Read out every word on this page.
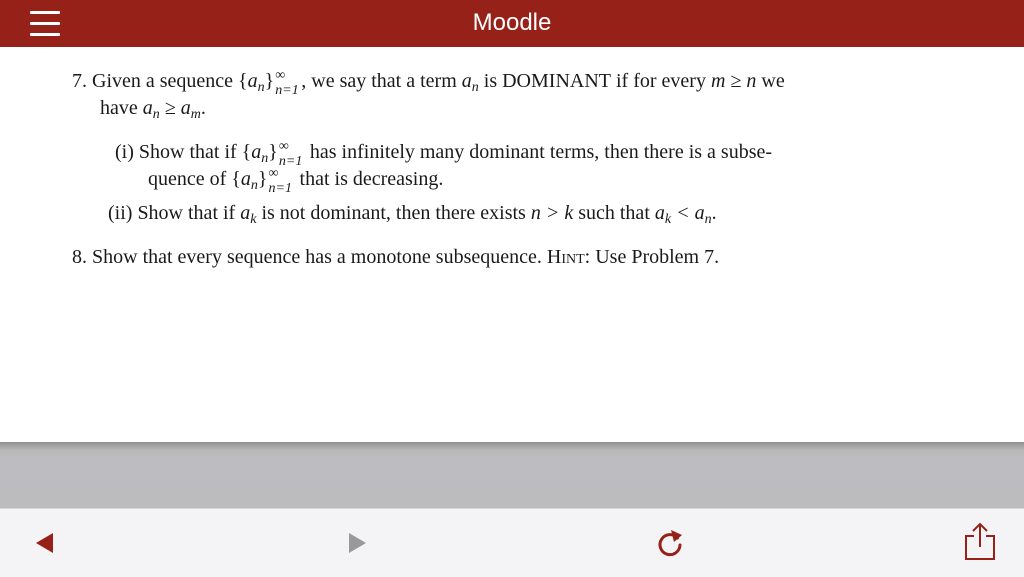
Moodle
7. Given a sequence $\{a_n\}$ ∞
n=1 , we say that a term $a_n$ is DOMINANT if for every m ≥ n we
have $a_n \ge a_m$.
(i) Show that if $\{a_n\}$ ∞
n=1 has infinitely many dominant terms, then there is a subse-
quence of $\{a_n\}$ ∞
n=1 that is decreasing.
(ii) Show that if $a_k$ is not dominant, then there exists n > k such that $a_k < a_n$.
8. Show that every sequence has a monotone subsequence. Hint: Use Problem 7.
